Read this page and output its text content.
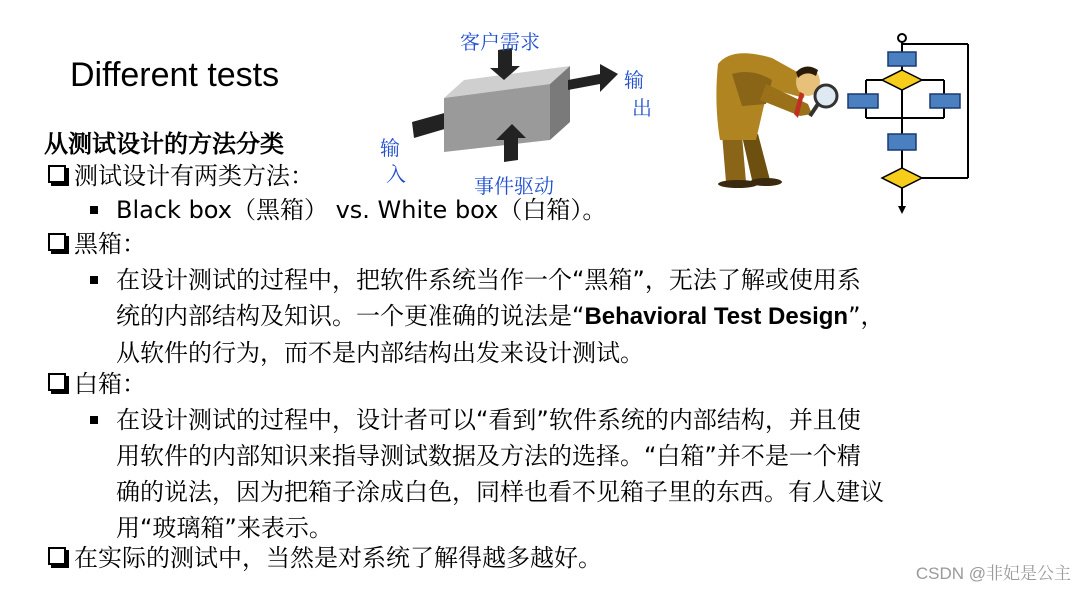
Different tests
客户需求
输
出
输
入	事件驱动
从测试设计的方法分类
测试设计有两类方法：
Black box（黑箱） vs. White box（白箱）。
黑箱：
在设计测试的过程中，把软件系统当作一个“黑箱”，无法了解或使用系
统的内部结构及知识。一个更准确的说法是“Behavioral Test Design”，
从软件的行为，而不是内部结构出发来设计测试。
白箱：
在设计测试的过程中，设计者可以“看到”软件系统的内部结构，并且使
用软件的内部知识来指导测试数据及方法的选择。“白箱”并不是一个精
确的说法，因为把箱子涂成白色，同样也看不见箱子里的东西。有人建议
用“玻璃箱”来表示。
在实际的测试中，当然是对系统了解得越多越好。
CSDN @非妃是公主
